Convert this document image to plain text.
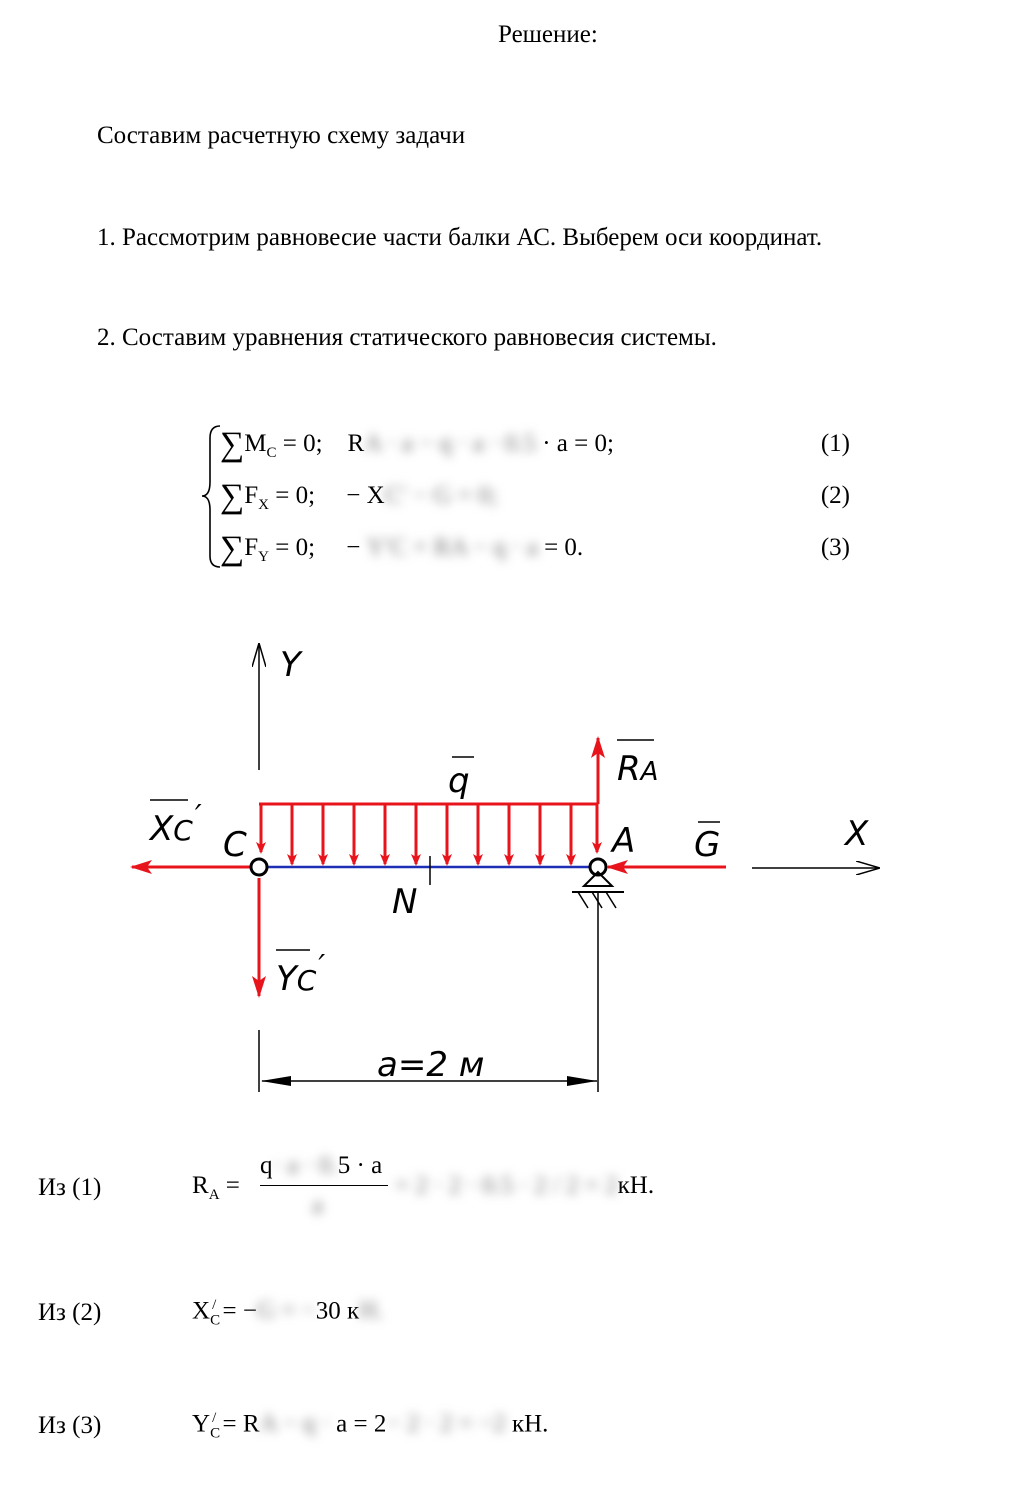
Решение:
Составим расчетную схему задачи
1. Рассмотрим равновесие части балки АС. Выберем оси координат.
2. Составим уравнения статического равновесия системы.
$\sum M_C = 0$; RA · a − q · a · 0.5 · a = 0;	(1)
$\sum F_X = 0$; − XC′ − G = 0;	(2)
$\sum F_Y = 0$; − Y′C + RA − q · a = 0.	(3)
Y
X
q	RA
XC′
YC′
G
C	A
N
a=2 м
Из (1)	$R_A$ =
q· a · 0.5 · a
a
= 2 · 2 · 0.5 · 2 / 2 = 2кН.
Из (2)	$X_C^/ = -G = -30$ кН.
Из (3)	$Y_C^/$ = RA − q · a = 2− 2 · 2 = −2 кН.
